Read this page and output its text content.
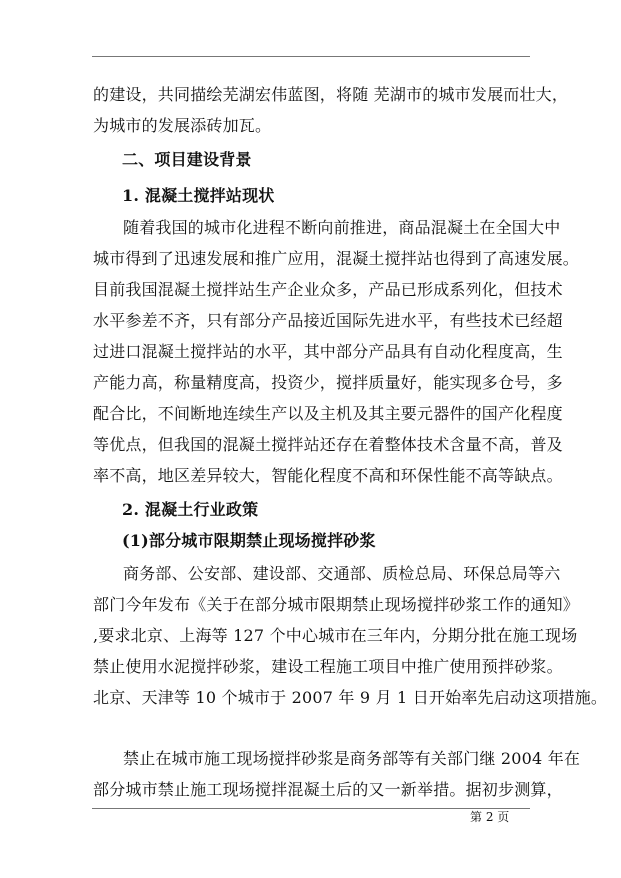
的建设，共同描绘芜湖宏伟蓝图，将随 芜湖市的城市发展而壮大，
为城市的发展添砖加瓦。
二、项目建设背景
1. 混凝土搅拌站现状
随着我国的城市化进程不断向前推进，商品混凝土在全国大中
城市得到了迅速发展和推广应用，混凝土搅拌站也得到了高速发展。
目前我国混凝土搅拌站生产企业众多，产品已形成系列化，但技术
水平参差不齐，只有部分产品接近国际先进水平，有些技术已经超
过进口混凝土搅拌站的水平，其中部分产品具有自动化程度高，生
产能力高，称量精度高，投资少，搅拌质量好，能实现多仓号，多
配合比，不间断地连续生产以及主机及其主要元器件的国产化程度
等优点，但我国的混凝土搅拌站还存在着整体技术含量不高，普及
率不高，地区差异较大，智能化程度不高和环保性能不高等缺点。
2. 混凝土行业政策
(1)部分城市限期禁止现场搅拌砂浆
商务部、公安部、建设部、交通部、质检总局、环保总局等六
部门今年发布《关于在部分城市限期禁止现场搅拌砂浆工作的通知》
,要求北京、上海等 127 个中心城市在三年内，分期分批在施工现场
禁止使用水泥搅拌砂浆，建设工程施工项目中推广使用预拌砂浆。
北京、天津等 10 个城市于 2007 年 9 月 1 日开始率先启动这项措施。
禁止在城市施工现场搅拌砂浆是商务部等有关部门继 2004 年在
部分城市禁止施工现场搅拌混凝土后的又一新举措。据初步测算，
第 2 页
